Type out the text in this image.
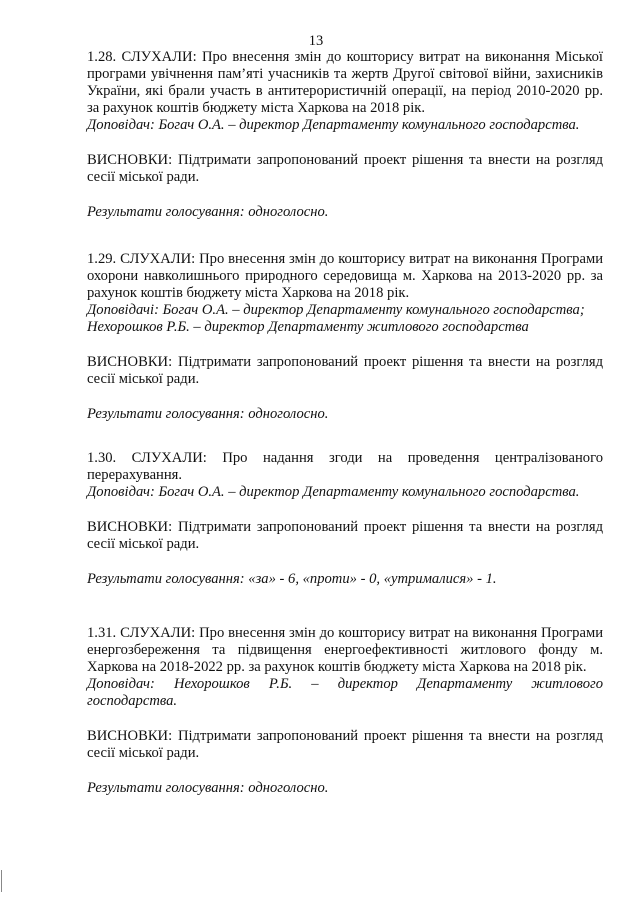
13

1.28. СЛУХАЛИ: Про внесення змін до кошторису витрат на виконання Міської програми увічнення пам’яті учасників та жертв Другої світової війни, захисників України, які брали участь в антитерористичній операції, на період 2010-2020 рр. за рахунок коштів бюджету міста Харкова на 2018 рік.

Доповідач: Богач О.А. – директор Департаменту комунального господарства.

ВИСНОВКИ: Підтримати запропонований проект рішення та внести на розгляд сесії міської ради.

Результати голосування: одноголосно.

1.29. СЛУХАЛИ: Про внесення змін до кошторису витрат на виконання Програми охорони навколишнього природного середовища м. Харкова на 2013-2020 рр. за рахунок коштів бюджету міста Харкова на 2018 рік.

Доповідачі: Богач О.А. – директор Департаменту комунального господарства;
Нехорошков Р.Б. – директор Департаменту житлового господарства

ВИСНОВКИ: Підтримати запропонований проект рішення та внести на розгляд сесії міської ради.

Результати голосування: одноголосно.

1.30. СЛУХАЛИ: Про надання згоди на проведення централізованого перерахування.

Доповідач: Богач О.А. – директор Департаменту комунального господарства.

ВИСНОВКИ: Підтримати запропонований проект рішення та внести на розгляд сесії міської ради.

Результати голосування: «за» - 6, «проти» - 0, «утрималися» - 1.

1.31. СЛУХАЛИ: Про внесення змін до кошторису витрат на виконання Програми енергозбереження та підвищення енергоефективності житлового фонду м. Харкова на 2018-2022 рр. за рахунок коштів бюджету міста Харкова на 2018 рік.

Доповідач: Нехорошков Р.Б. – директор Департаменту житлового господарства.

ВИСНОВКИ: Підтримати запропонований проект рішення та внести на розгляд сесії міської ради.

Результати голосування: одноголосно.
